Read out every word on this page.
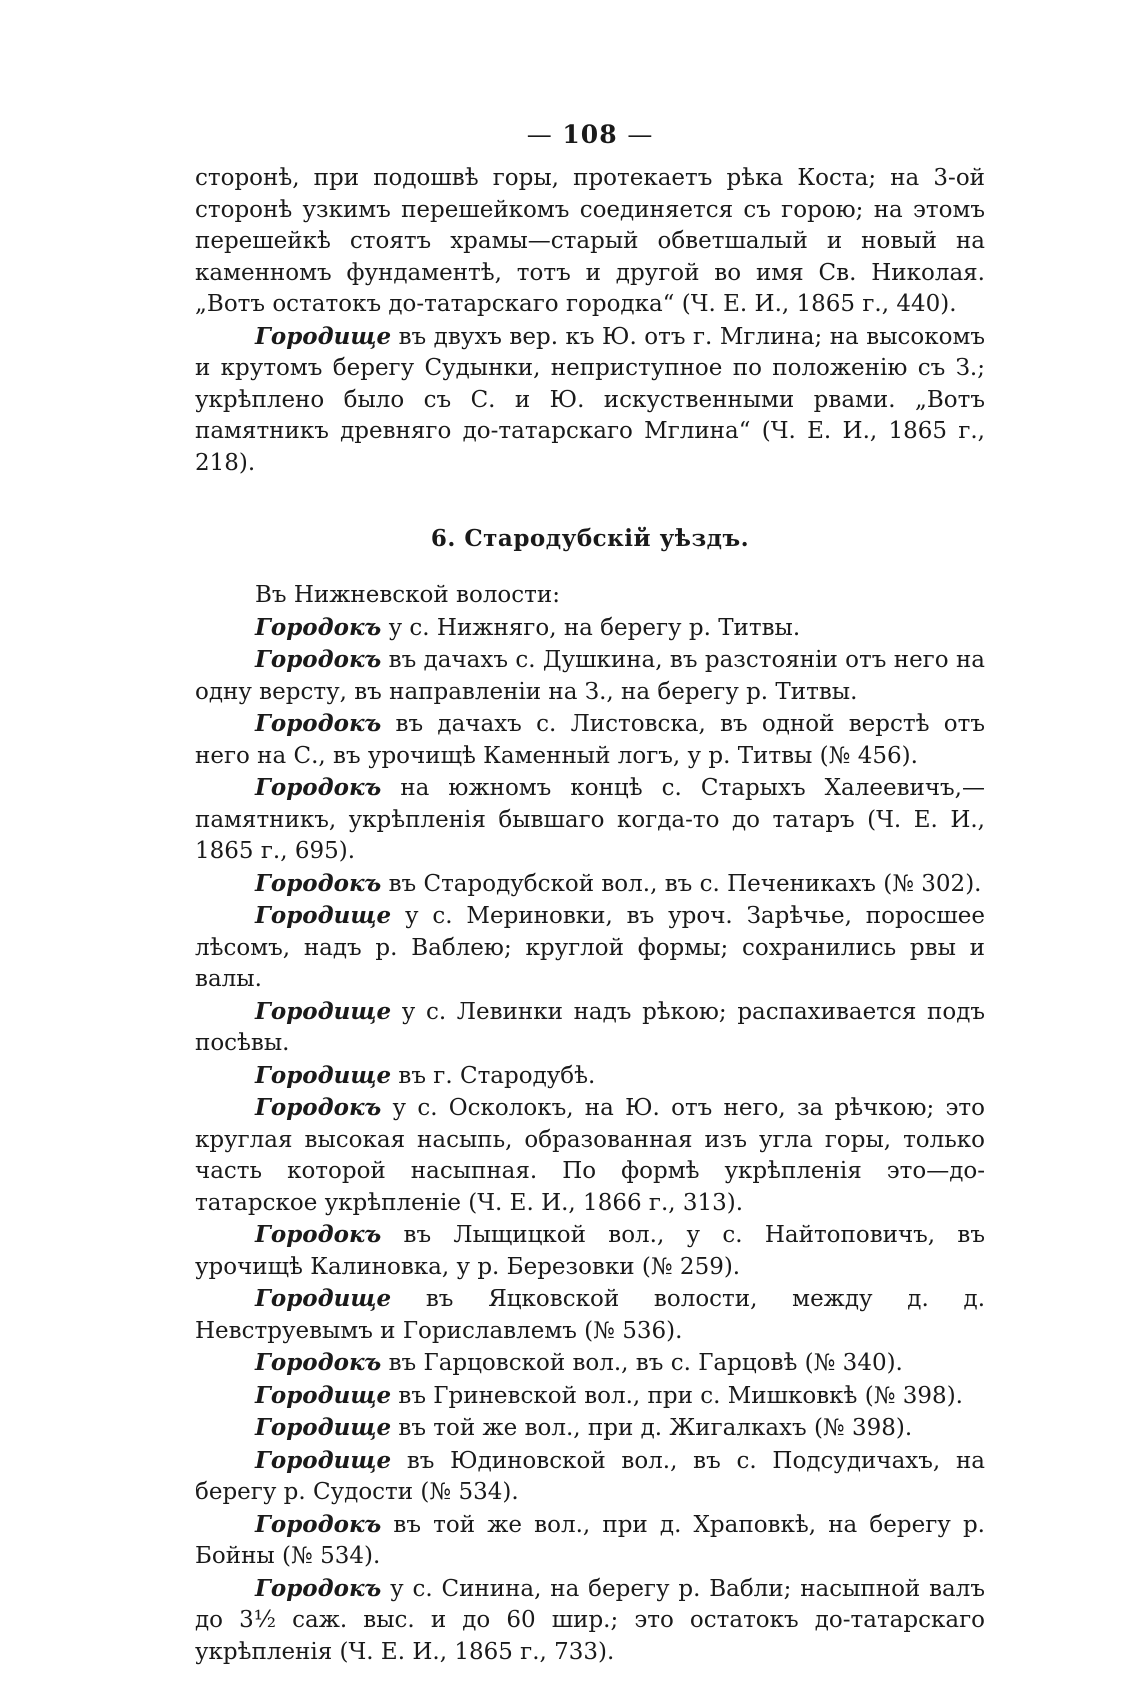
— 108 —

сторонѣ, при подошвѣ горы, протекаетъ рѣка Коста; на 3-ой сторонѣ узкимъ перешейкомъ соединяется съ горою; на этомъ перешейкѣ стоятъ храмы—старый обветшалый и новый на каменномъ фундаментѣ, тотъ и другой во имя Св. Николая. „Вотъ остатокъ до-татарскаго городка“ (Ч. Е. И., 1865 г., 440).

Городище въ двухъ вер. къ Ю. отъ г. Мглина; на высокомъ и крутомъ берегу Судынки, неприступное по положенію съ З.; укрѣплено было съ С. и Ю. искуственными рвами. „Вотъ памятникъ древняго до-татарскаго Мглина“ (Ч. Е. И., 1865 г., 218).

6. Стародубскій уѣздъ.

Въ Нижневской волости:

Городокъ у с. Нижняго, на берегу р. Титвы.

Городокъ въ дачахъ с. Душкина, въ разстояніи отъ него на одну версту, въ направленіи на З., на берегу р. Титвы.

Городокъ въ дачахъ с. Листовска, въ одной верстѣ отъ него на С., въ урочищѣ Каменный логъ, у р. Титвы (№ 456).

Городокъ на южномъ концѣ с. Старыхъ Халеевичъ,—памятникъ, укрѣпленія бывшаго когда-то до татаръ (Ч. Е. И., 1865 г., 695).

Городокъ въ Стародубской вол., въ с. Печеникахъ (№ 302).

Городище у с. Мериновки, въ уроч. Зарѣчье, поросшее лѣсомъ, надъ р. Ваблею; круглой формы; сохранились рвы и валы.

Городище у с. Левинки надъ рѣкою; распахивается подъ посѣвы.

Городище въ г. Стародубѣ.

Городокъ у с. Осколокъ, на Ю. отъ него, за рѣчкою; это круглая высокая насыпь, образованная изъ угла горы, только часть которой насыпная. По формѣ укрѣпленія это—до-татарское укрѣпленіе (Ч. Е. И., 1866 г., 313).

Городокъ въ Лыщицкой вол., у с. Найтоповичъ, въ урочищѣ Калиновка, у р. Березовки (№ 259).

Городище въ Яцковской волости, между д. д. Невструевымъ и Гориславлемъ (№ 536).

Городокъ въ Гарцовской вол., въ с. Гарцовѣ (№ 340).

Городище въ Гриневской вол., при с. Мишковкѣ (№ 398).

Городище въ той же вол., при д. Жигалкахъ (№ 398).

Городище въ Юдиновской вол., въ с. Подсудичахъ, на берегу р. Судости (№ 534).

Городокъ въ той же вол., при д. Храповкѣ, на берегу р. Бойны (№ 534).

Городокъ у с. Синина, на берегу р. Вабли; насыпной валъ до 3½ саж. выс. и до 60 шир.; это остатокъ до-татарскаго укрѣпленія (Ч. Е. И., 1865 г., 733).
